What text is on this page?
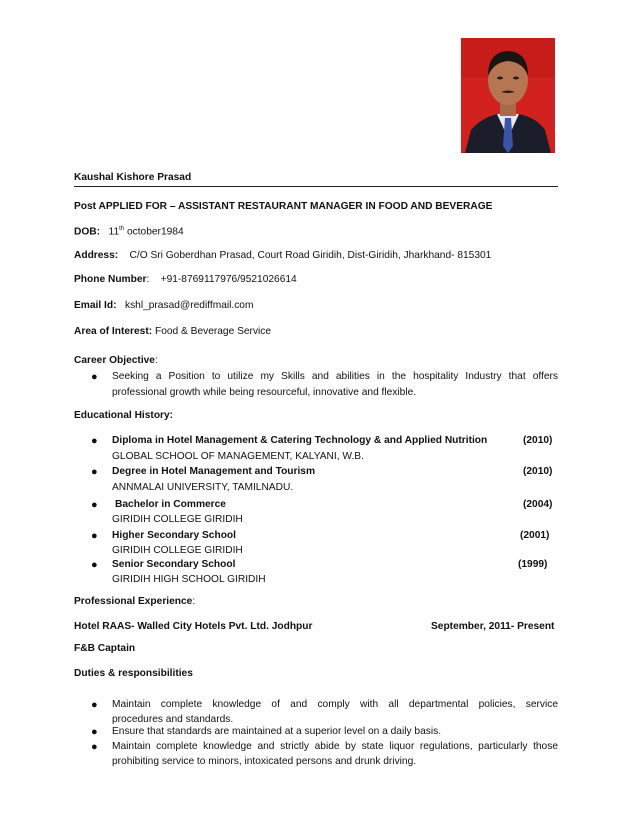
Kaushal Kishore Prasad
Post APPLIED FOR – ASSISTANT RESTAURANT MANAGER IN FOOD AND BEVERAGE
DOB: 11th october1984
Address: C/O Sri Goberdhan Prasad, Court Road Giridih, Dist-Giridih, Jharkhand- 815301
Phone Number: +91-8769117976/9521026614
Email Id: kshl_prasad@rediffmail.com
Area of Interest: Food & Beverage Service
Career Objective:
● Seeking a Position to utilize my Skills and abilities in the hospitality Industry that offers
professional growth while being resourceful, innovative and flexible.
Educational History:
● Diploma in Hotel Management & Catering Technology & and Applied Nutrition	(2010)
GLOBAL SCHOOL OF MANAGEMENT, KALYANI, W.B.
● Degree in Hotel Management and Tourism	(2010)
ANNMALAI UNIVERSITY, TAMILNADU.
● Bachelor in Commerce	(2004)
GIRIDIH COLLEGE GIRIDIH
● Higher Secondary School	(2001)
GIRIDIH COLLEGE GIRIDIH
● Senior Secondary School	(1999)
GIRIDIH HIGH SCHOOL GIRIDIH
Professional Experience:
Hotel RAAS- Walled City Hotels Pvt. Ltd. Jodhpur	September, 2011- Present
F&B Captain
Duties & responsibilities
● Maintain complete knowledge of and comply with all departmental policies, service
procedures and standards.
● Ensure that standards are maintained at a superior level on a daily basis.
● Maintain complete knowledge and strictly abide by state liquor regulations, particularly those
prohibiting service to minors, intoxicated persons and drunk driving.
